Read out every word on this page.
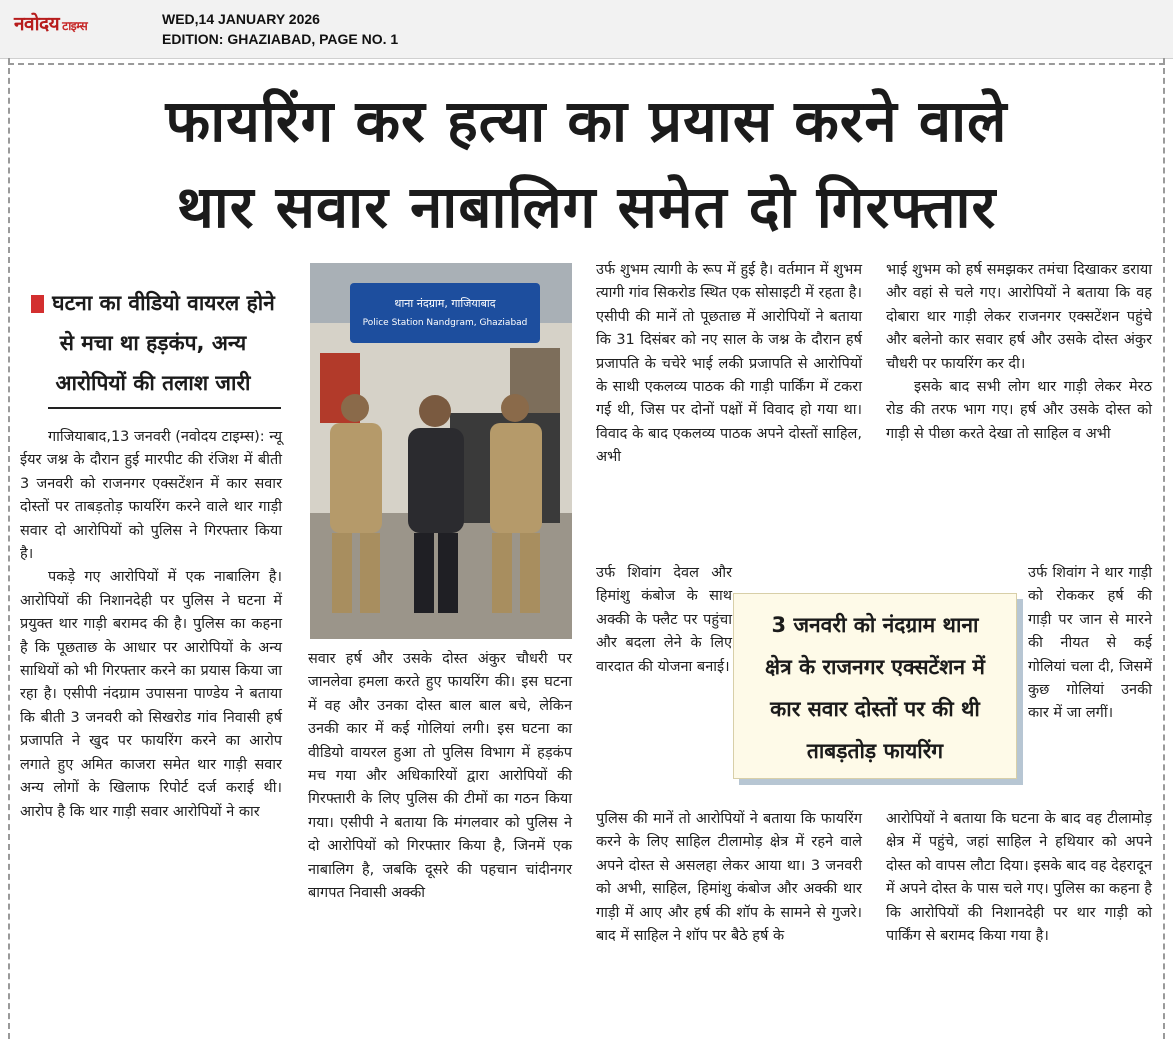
नवोदय टाइम्स	WED,14 JANUARY 2026
EDITION: GHAZIABAD, PAGE NO. 1
फायरिंग कर हत्या का प्रयास करने वाले
थार सवार नाबालिग समेत दो गिरफ्तार
घटना का वीडियो वायरल होने
से मचा था हड़कंप, अन्य
आरोपियों की तलाश जारी

गाजियाबाद,13 जनवरी (नवोदय टाइम्स): न्यू ईयर जश्न के दौरान हुई मारपीट की रंजिश में बीती 3 जनवरी को राजनगर एक्सटेंशन में कार सवार दोस्तों पर ताबड़तोड़ फायरिंग करने वाले थार गाड़ी सवार दो आरोपियों को पुलिस ने गिरफ्तार किया है।

पकड़े गए आरोपियों में एक नाबालिग है। आरोपियों की निशानदेही पर पुलिस ने घटना में प्रयुक्त थार गाड़ी बरामद की है। पुलिस का कहना है कि पूछताछ के आधार पर आरोपियों के अन्य साथियों को भी गिरफ्तार करने का प्रयास किया जा रहा है। एसीपी नंदग्राम उपासना पाण्डेय ने बताया कि बीती 3 जनवरी को सिखरोड गांव निवासी हर्ष प्रजापति ने खुद पर फायरिंग करने का आरोप लगाते हुए अमित काजरा समेत थार गाड़ी सवार अन्य लोगों के खिलाफ रिपोर्ट दर्ज कराई थी। आरोप है कि थार गाड़ी सवार आरोपियों ने कार

थाना नंदग्राम, गाजियाबाद
Police Station Nandgram, Ghaziabad

सवार हर्ष और उसके दोस्त अंकुर चौधरी पर जानलेवा हमला करते हुए फायरिंग की। इस घटना में वह और उनका दोस्त बाल बाल बचे, लेकिन उनकी कार में कई गोलियां लगी। इस घटना का वीडियो वायरल हुआ तो पुलिस विभाग में हड़कंप मच गया और अधिकारियों द्वारा आरोपियों की गिरफ्तारी के लिए पुलिस की टीमों का गठन किया गया। एसीपी ने बताया कि मंगलवार को पुलिस ने दो आरोपियों को गिरफ्तार किया है, जिनमें एक नाबालिग है, जबकि दूसरे की पहचान चांदीनगर बागपत निवासी अक्की

उर्फ शुभम त्यागी के रूप में हुई है। वर्तमान में शुभम त्यागी गांव सिकरोड स्थित एक सोसाइटी में रहता है। एसीपी की मानें तो पूछताछ में आरोपियों ने बताया कि 31 दिसंबर को नए साल के जश्न के दौरान हर्ष प्रजापति के चचेरे भाई लकी प्रजापति से आरोपियों के साथी एकलव्य पाठक की गाड़ी पार्किंग में टकरा गई थी, जिस पर दोनों पक्षों में विवाद हो गया था। विवाद के बाद एकलव्य पाठक अपने दोस्तों साहिल, अभी

उर्फ शिवांग देवल और हिमांशु कंबोज के साथ अक्की के फ्लैट पर पहुंचा और बदला लेने के लिए वारदात की योजना बनाई।

पुलिस की मानें तो आरोपियों ने बताया कि फायरिंग करने के लिए साहिल टीलामोड़ क्षेत्र में रहने वाले अपने दोस्त से असलहा लेकर आया था। 3 जनवरी को अभी, साहिल, हिमांशु कंबोज और अक्की थार गाड़ी में आए और हर्ष की शॉप के सामने से गुजरे। बाद में साहिल ने शॉप पर बैठे हर्ष के

भाई शुभम को हर्ष समझकर तमंचा दिखाकर डराया और वहां से चले गए। आरोपियों ने बताया कि वह दोबारा थार गाड़ी लेकर राजनगर एक्सटेंशन पहुंचे और बलेनो कार सवार हर्ष और उसके दोस्त अंकुर चौधरी पर फायरिंग कर दी।

इसके बाद सभी लोग थार गाड़ी लेकर मेरठ रोड की तरफ भाग गए। हर्ष और उसके दोस्त को गाड़ी से पीछा करते देखा तो साहिल व अभी

उर्फ शिवांग ने थार गाड़ी को रोककर हर्ष की गाड़ी पर जान से मारने की नीयत से कई गोलियां चला दी, जिसमें कुछ गोलियां उनकी कार में जा लगीं।

आरोपियों ने बताया कि घटना के बाद वह टीलामोड़ क्षेत्र में पहुंचे, जहां साहिल ने हथियार को अपने दोस्त को वापस लौटा दिया। इसके बाद वह देहरादून में अपने दोस्त के पास चले गए। पुलिस का कहना है कि आरोपियों की निशानदेही पर थार गाड़ी को पार्किंग से बरामद किया गया है।

3 जनवरी को नंदग्राम थाना
क्षेत्र के राजनगर एक्सटेंशन में
कार सवार दोस्तों पर की थी
ताबड़तोड़ फायरिंग
